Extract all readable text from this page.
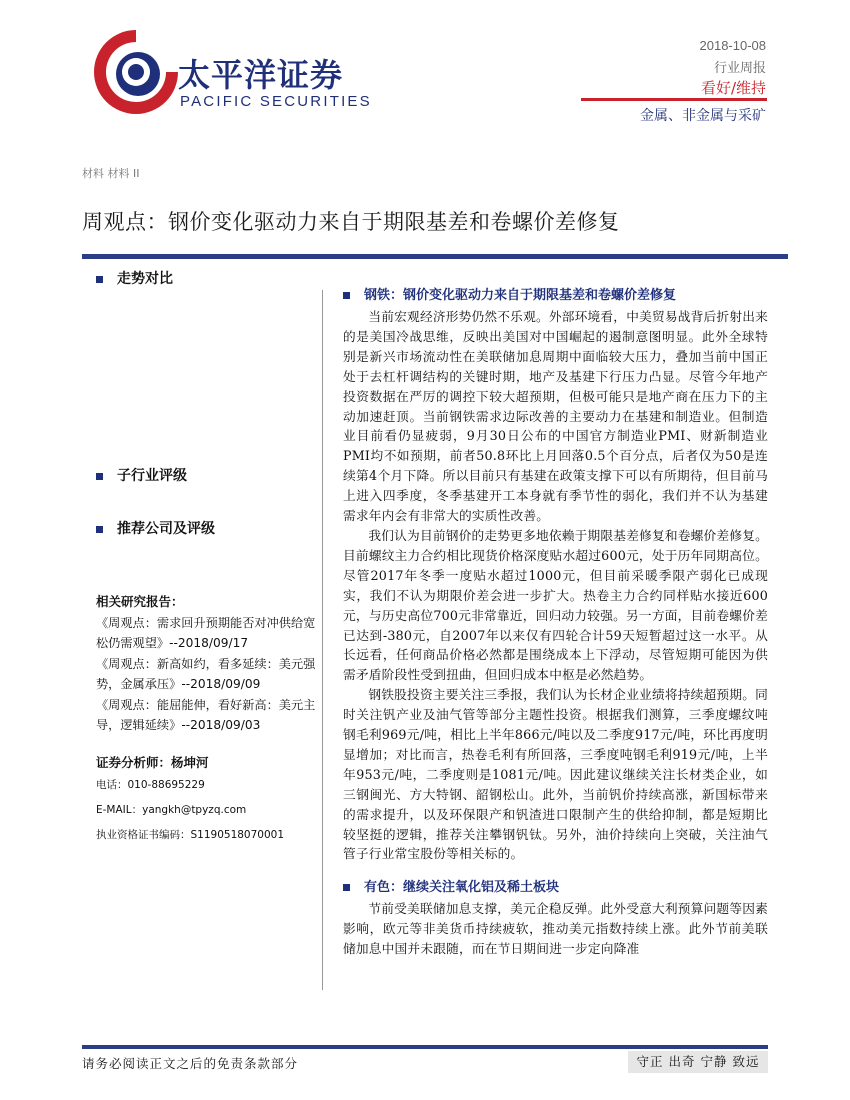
太平洋证券
PACIFIC SECURITIES
2018-10-08
行业周报
看好/维持
金属、非金属与采矿
材料 材料 II
周观点：钢价变化驱动力来自于期限基差和卷螺价差修复
走势对比
子行业评级
推荐公司及评级
相关研究报告：
《周观点：需求回升预期能否对冲供给宽松仍需观望》--2018/09/17
《周观点：新高如约，看多延续：美元强势，金属承压》--2018/09/09
《周观点：能屈能伸，看好新高：美元主导，逻辑延续》--2018/09/03
证券分析师：杨坤河
电话：010-88695229
E-MAIL：yangkh@tpyzq.com
执业资格证书编码：S1190518070001
钢铁：钢价变化驱动力来自于期限基差和卷螺价差修复

当前宏观经济形势仍然不乐观。外部环境看，中美贸易战背后折射出来的是美国冷战思维，反映出美国对中国崛起的遏制意图明显。此外全球特别是新兴市场流动性在美联储加息周期中面临较大压力，叠加当前中国正处于去杠杆调结构的关键时期，地产及基建下行压力凸显。尽管今年地产投资数据在严厉的调控下较大超预期，但极可能只是地产商在压力下的主动加速赶顶。当前钢铁需求边际改善的主要动力在基建和制造业。但制造业目前看仍显疲弱，9月30日公布的中国官方制造业PMI、财新制造业PMI均不如预期，前者50.8环比上月回落0.5个百分点，后者仅为50是连续第4个月下降。所以目前只有基建在政策支撑下可以有所期待，但目前马上进入四季度，冬季基建开工本身就有季节性的弱化，我们并不认为基建需求年内会有非常大的实质性改善。

我们认为目前钢价的走势更多地依赖于期限基差修复和卷螺价差修复。目前螺纹主力合约相比现货价格深度贴水超过600元，处于历年同期高位。尽管2017年冬季一度贴水超过1000元，但目前采暖季限产弱化已成现实，我们不认为期限价差会进一步扩大。热卷主力合约同样贴水接近600元，与历史高位700元非常靠近，回归动力较强。另一方面，目前卷螺价差已达到-380元，自2007年以来仅有四轮合计59天短暂超过这一水平。从长远看，任何商品价格必然都是围绕成本上下浮动，尽管短期可能因为供需矛盾阶段性受到扭曲，但回归成本中枢是必然趋势。

钢铁股投资主要关注三季报，我们认为长材企业业绩将持续超预期。同时关注钒产业及油气管等部分主题性投资。根据我们测算，三季度螺纹吨钢毛利969元/吨，相比上半年866元/吨以及二季度917元/吨，环比再度明显增加；对比而言，热卷毛利有所回落，三季度吨钢毛利919元/吨，上半年953元/吨，二季度则是1081元/吨。因此建议继续关注长材类企业，如三钢闽光、方大特钢、韶钢松山。此外，当前钒价持续高涨，新国标带来的需求提升，以及环保限产和钒渣进口限制产生的供给抑制，都是短期比较坚挺的逻辑，推荐关注攀钢钒钛。另外，油价持续向上突破，关注油气管子行业常宝股份等相关标的。

有色：继续关注氧化铝及稀土板块

节前受美联储加息支撑，美元企稳反弹。此外受意大利预算问题等因素影响，欧元等非美货币持续疲软，推动美元指数持续上涨。此外节前美联储加息中国并未跟随，而在节日期间进一步定向降准

请务必阅读正文之后的免责条款部分	守正 出奇 宁静 致远
